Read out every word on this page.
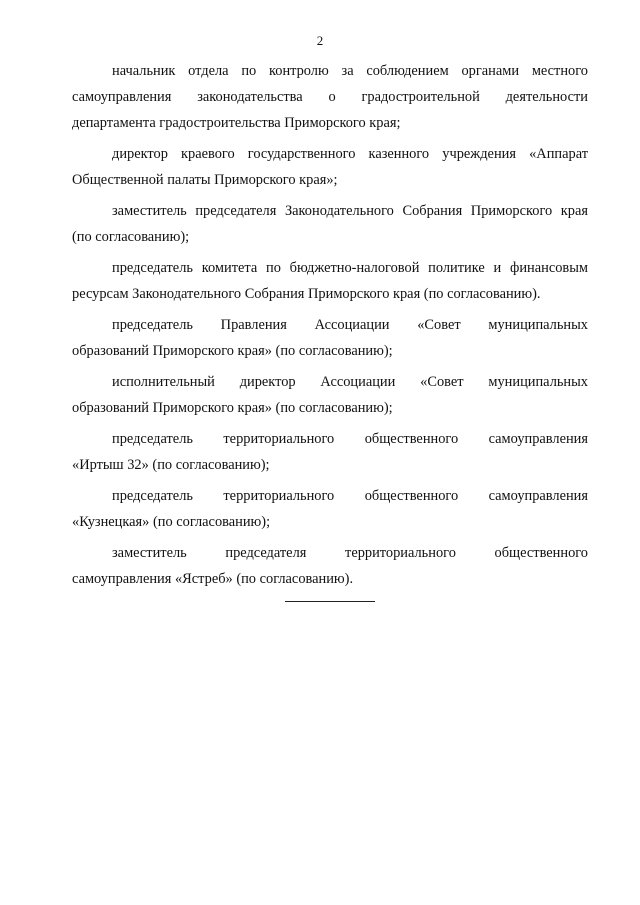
2
начальник отдела по контролю за соблюдением органами местного
самоуправления законодательства о градостроительной деятельности
департамента градостроительства Приморского края;
директор краевого государственного казенного учреждения «Аппарат
Общественной палаты Приморского края»;
заместитель председателя Законодательного Собрания Приморского края
(по согласованию);
председатель комитета по бюджетно-налоговой политике и финансовым
ресурсам Законодательного Собрания Приморского края (по согласованию).
председатель Правления Ассоциации «Совет муниципальных
образований Приморского края» (по согласованию);
исполнительный директор Ассоциации «Совет муниципальных
образований Приморского края» (по согласованию);
председатель территориального общественного самоуправления
«Иртыш 32» (по согласованию);
председатель территориального общественного самоуправления
«Кузнецкая» (по согласованию);
заместитель председателя территориального общественного
самоуправления «Ястреб» (по согласованию).
